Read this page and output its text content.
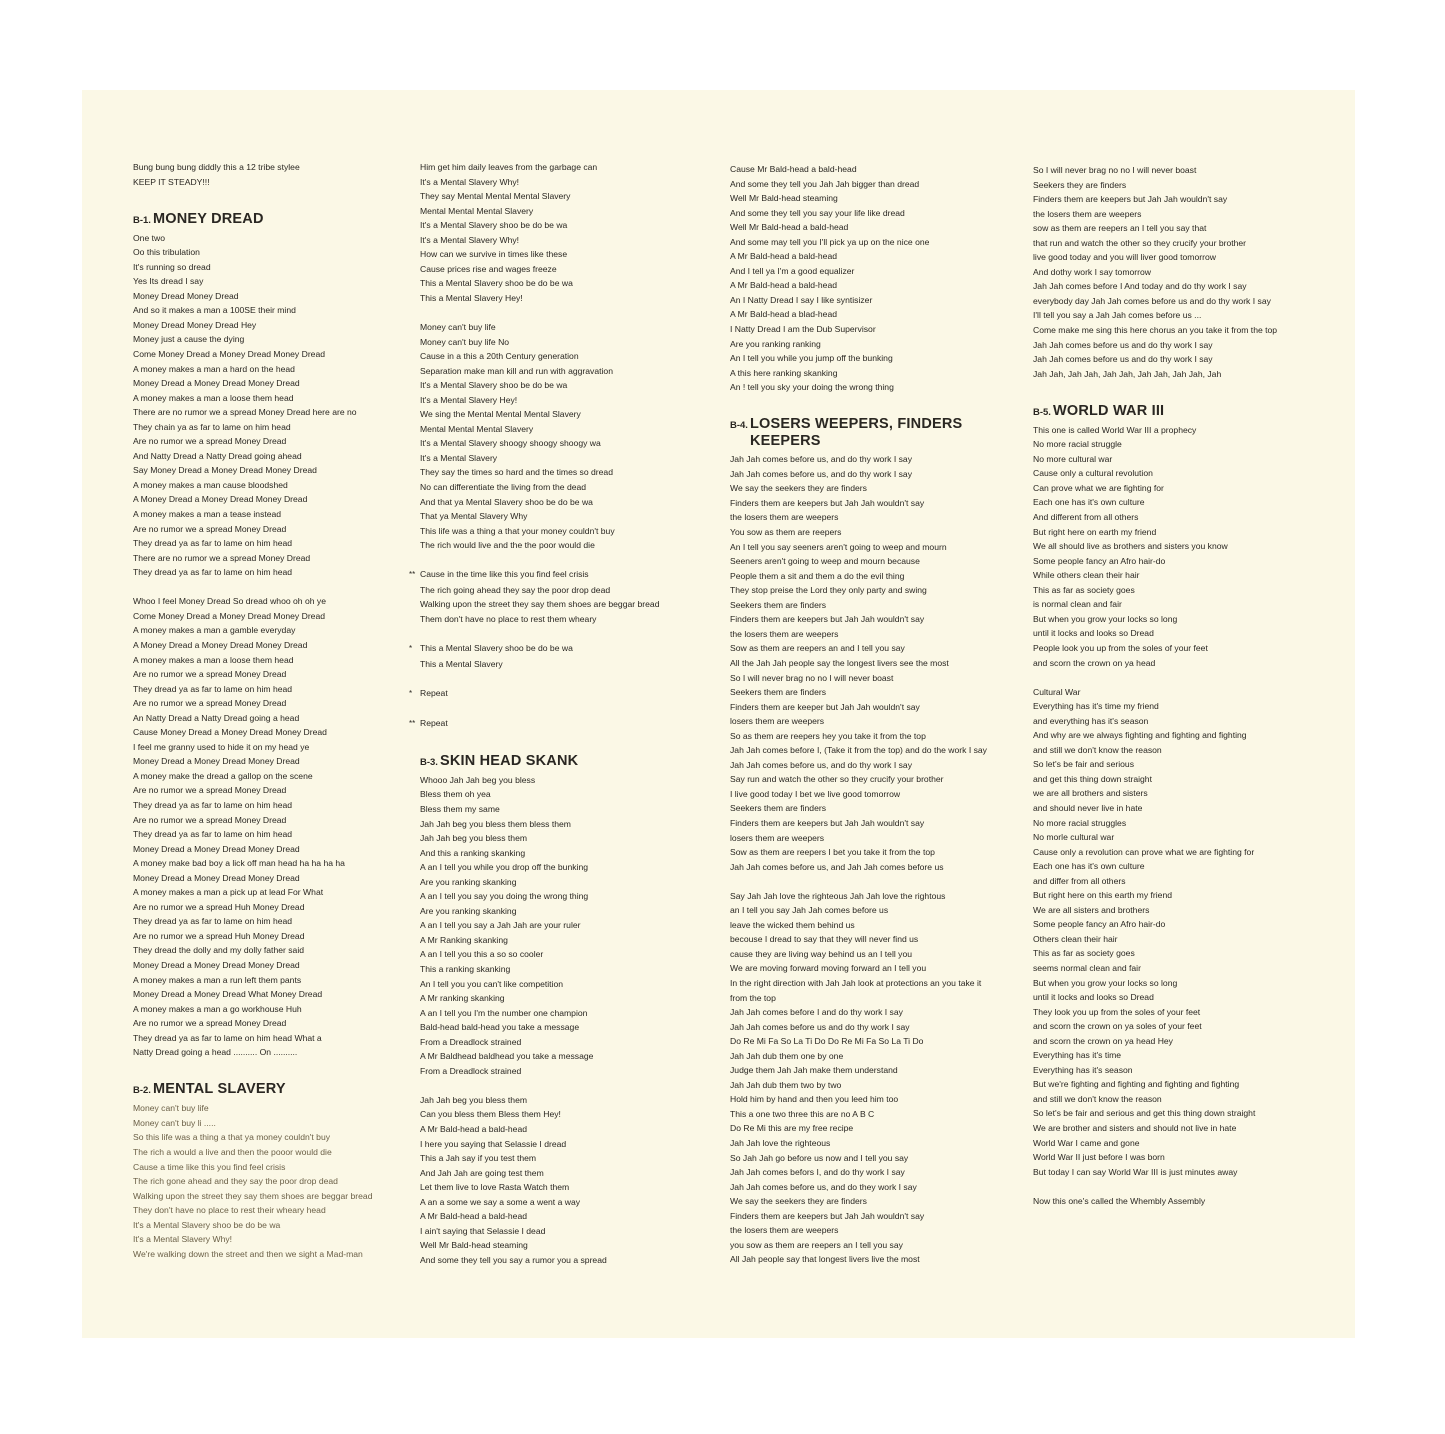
Bung bung bung diddly this a 12 tribe stylee
KEEP IT STEADY!!!
B-1. MONEY DREAD
One two
Oo this tribulation
It's running so dread
Yes Its dread I say
Money Dread Money Dread
And so it makes a man a 100SE their mind
Money Dread Money Dread Hey
Money just a cause the dying
Come Money Dread a Money Dread Money Dread
A money makes a man a hard on the head
Money Dread a Money Dread Money Dread
A money makes a man a loose them head
There are no rumor we a spread Money Dread here are no
They chain ya as far to lame on him head
Are no rumor we a spread Money Dread
And Natty Dread a Natty Dread going ahead
Say Money Dread a Money Dread Money Dread
A money makes a man cause bloodshed
A Money Dread a Money Dread Money Dread
A money makes a man a tease instead
Are no rumor we a spread Money Dread
They dread ya as far to lame on him head
There are no rumor we a spread Money Dread
They dread ya as far to lame on him head
Whoo I feel Money Dread So dread whoo oh oh ye
Come Money Dread a Money Dread Money Dread
A money makes a man a gamble everyday
A Money Dread a Money Dread Money Dread
A money makes a man a loose them head
Are no rumor we a spread Money Dread
They dread ya as far to lame on him head
Are no rumor we a spread Money Dread
An Natty Dread a Natty Dread going a head
Cause Money Dread a Money Dread Money Dread
I feel me granny used to hide it on my head ye
Money Dread a Money Dread Money Dread
A money make the dread a gallop on the scene
Are no rumor we a spread Money Dread
They dread ya as far to lame on him head
Are no rumor we a spread Money Dread
They dread ya as far to lame on him head
Money Dread a Money Dread Money Dread
A money make bad boy a lick off man head ha ha ha ha
Money Dread a Money Dread Money Dread
A money makes a man a pick up at lead For What
Are no rumor we a spread Huh Money Dread
They dread ya as far to lame on him head
Are no rumor we a spread Huh Money Dread
They dread the dolly and my dolly father said
Money Dread a Money Dread Money Dread
A money makes a man a run left them pants
Money Dread a Money Dread What Money Dread
A money makes a man a go workhouse Huh
Are no rumor we a spread Money Dread
They dread ya as far to lame on him head What a
Natty Dread going a head .......... On ..........
B-2. MENTAL SLAVERY
Money can't buy life
Money can't buy li .....
So this life was a thing a that ya money couldn't buy
The rich a would a live and then the pooor would die
Cause a time like this you find feel crisis
The rich gone ahead and they say the poor drop dead
Walking upon the street they say them shoes are beggar bread
They don't have no place to rest their wheary head
It's a Mental Slavery shoo be do be wa
It's a Mental Slavery Why!
We're walking down the street and then we sight a Mad-man
Him get him daily leaves from the garbage can
It's a Mental Slavery Why!
They say Mental Mental Mental Slavery
Mental Mental Mental Slavery
It's a Mental Slavery shoo be do be wa
It's a Mental Slavery Why!
How can we survive in times like these
Cause prices rise and wages freeze
This a Mental Slavery shoo be do be wa
This a Mental Slavery Hey!
Money can't buy life
Money can't buy life No
Cause in a this a 20th Century generation
Separation make man kill and run with aggravation
It's a Mental Slavery shoo be do be wa
It's a Mental Slavery Hey!
We sing the Mental Mental Mental Slavery
Mental Mental Mental Slavery
It's a Mental Slavery shoogy shoogy shoogy wa
It's a Mental Slavery
They say the times so hard and the times so dread
No can differentiate the living from the dead
And that ya Mental Slavery shoo be do be wa
That ya Mental Slavery Why
This life was a thing a that your money couldn't buy
The rich would live and the the poor would die
** Cause in the time like this you find feel crisis
The rich going ahead they say the poor drop dead
Walking upon the street they say them shoes are beggar bread
Them don't have no place to rest them wheary
* This a Mental Slavery shoo be do be wa
This a Mental Slavery
* Repeat
** Repeat
B-3. SKIN HEAD SKANK
Whooo Jah Jah beg you bless
Bless them oh yea
Bless them my same
Jah Jah beg you bless them bless them
Jah Jah beg you bless them
And this a ranking skanking
A an I tell you while you drop off the bunking
Are you ranking skanking
A an I tell you say you doing the wrong thing
Are you ranking skanking
A an I tell you say a Jah Jah are your ruler
A Mr Ranking skanking
A an I tell you this a so so cooler
This a ranking skanking
An I tell you you can't like competition
A Mr ranking skanking
A an I tell you I'm the number one champion
Bald-head bald-head you take a message
From a Dreadlock strained
A Mr Baldhead baldhead you take a message
From a Dreadlock strained
Jah Jah beg you bless them
Can you bless them Bless them Hey!
A Mr Bald-head a bald-head
I here you saying that Selassie I dread
This a Jah say if you test them
And Jah Jah are going test them
Let them live to love Rasta Watch them
A an a some we say a some a went a way
A Mr Bald-head a bald-head
I ain't saying that Selassie I dead
Well Mr Bald-head steaming
And some they tell you say a rumor you a spread
Cause Mr Bald-head a bald-head
And some they tell you Jah Jah bigger than dread
Well Mr Bald-head steaming
And some they tell you say your life like dread
Well Mr Bald-head a bald-head
And some may tell you I'll pick ya up on the nice one
A Mr Bald-head a bald-head
And I tell ya I'm a good equalizer
A Mr Bald-head a bald-head
An I Natty Dread I say I like syntisizer
A Mr Bald-head a blad-head
I Natty Dread I am the Dub Supervisor
Are you ranking ranking
An I tell you while you jump off the bunking
A this here ranking skanking
An ! tell you sky your doing the wrong thing
B-4. LOSERS WEEPERS, FINDERS KEEPERS
Jah Jah comes before us, and do thy work I say
Jah Jah comes before us, and do thy work I say
We say the seekers they are finders
Finders them are keepers but Jah Jah wouldn't say
the losers them are weepers
You sow as them are reepers
An I tell you say seeners aren't going to weep and mourn
Seeners aren't going to weep and mourn because
People them a sit and them a do the evil thing
They stop preise the Lord they only party and swing
Seekers them are finders
Finders them are keepers but Jah Jah wouldn't say
the losers them are weepers
Sow as them are reepers an and I tell you say
All the Jah Jah people say the longest livers see the most
So I will never brag no no I will never boast
Seekers them are finders
Finders them are keeper but Jah Jah wouldn't say
losers them are weepers
So as them are reepers hey you take it from the top
Jah Jah comes before I, (Take it from the top) and do the work I say
Jah Jah comes before us, and do thy work I say
Say run and watch the other so they crucify your brother
I live good today I bet we live good tomorrow
Seekers them are finders
Finders them are keepers but Jah Jah wouldn't say
losers them are weepers
Sow as them are reepers I bet you take it from the top
Jah Jah comes before us, and Jah Jah comes before us
Say Jah Jah love the righteous Jah Jah love the rightous
an I tell you say Jah Jah comes before us
leave the wicked them behind us
becouse I dread to say that they will never find us
cause they are living way behind us an I tell you
We are moving forward moving forward an I tell you
In the right direction with Jah Jah look at protections an you take it
from the top
Jah Jah comes before I and do thy work I say
Jah Jah comes before us and do thy work I say
Do Re Mi Fa So La Ti Do Do Re Mi Fa So La Ti Do
Jah Jah dub them one by one
Judge them Jah Jah make them understand
Jah Jah dub them two by two
Hold him by hand and then you leed him too
This a one two three this are no A B C
Do Re Mi this are my free recipe
Jah Jah love the righteous
So Jah Jah go before us now and I tell you say
Jah Jah comes befors I, and do thy work I say
Jah Jah comes before us, and do they work I say
We say the seekers they are finders
Finders them are keepers but Jah Jah wouldn't say
the losers them are weepers
you sow as them are reepers an I tell you say
All Jah people say that longest livers live the most
So I will never brag no no I will never boast
Seekers they are finders
Finders them are keepers but Jah Jah wouldn't say
the losers them are weepers
sow as them are reepers an I tell you say that
that run and watch the other so they crucify your brother
live good today and you will liver good tomorrow
And dothy work I say tomorrow
Jah Jah comes before I And today and do thy work I say
everybody day Jah Jah comes before us and do thy work I say
I'll tell you say a Jah Jah comes before us ...
Come make me sing this here chorus an you take it from the top
Jah Jah comes before us and do thy work I say
Jah Jah comes before us and do thy work I say
Jah Jah, Jah Jah, Jah Jah, Jah Jah, Jah Jah, Jah
B-5. WORLD WAR III
This one is called World War III a prophecy
No more racial struggle
No more cultural war
Cause only a cultural revolution
Can prove what we are fighting for
Each one has it's own culture
And different from all others
But right here on earth my friend
We all should live as brothers and sisters you know
Some people fancy an Afro hair-do
While others clean their hair
This as far as society goes
is normal clean and fair
But when you grow your locks so long
until it locks and looks so Dread
People look you up from the soles of your feet
and scorn the crown on ya head
Cultural War
Everything has it's time my friend
and everything has it's season
And why are we always fighting and fighting and fighting
and still we don't know the reason
So let's be fair and serious
and get this thing down straight
we are all brothers and sisters
and should never live in hate
No more racial struggles
No morle cultural war
Cause only a revolution can prove what we are fighting for
Each one has it's own culture
and differ from all others
But right here on this earth my friend
We are all sisters and brothers
Some people fancy an Afro hair-do
Others clean their hair
This as far as society goes
seems normal clean and fair
But when you grow your locks so long
until it locks and looks so Dread
They look you up from the soles of your feet
and scorn the crown on ya soles of your feet
and scorn the crown on ya head Hey
Everything has it's time
Everything has it's season
But we're fighting and fighting and fighting and fighting
and still we don't know the reason
So let's be fair and serious and get this thing down straight
We are brother and sisters and should not live in hate
World War I came and gone
World War II just before I was born
But today I can say World War III is just minutes away
Now this one's called the Whembly Assembly
